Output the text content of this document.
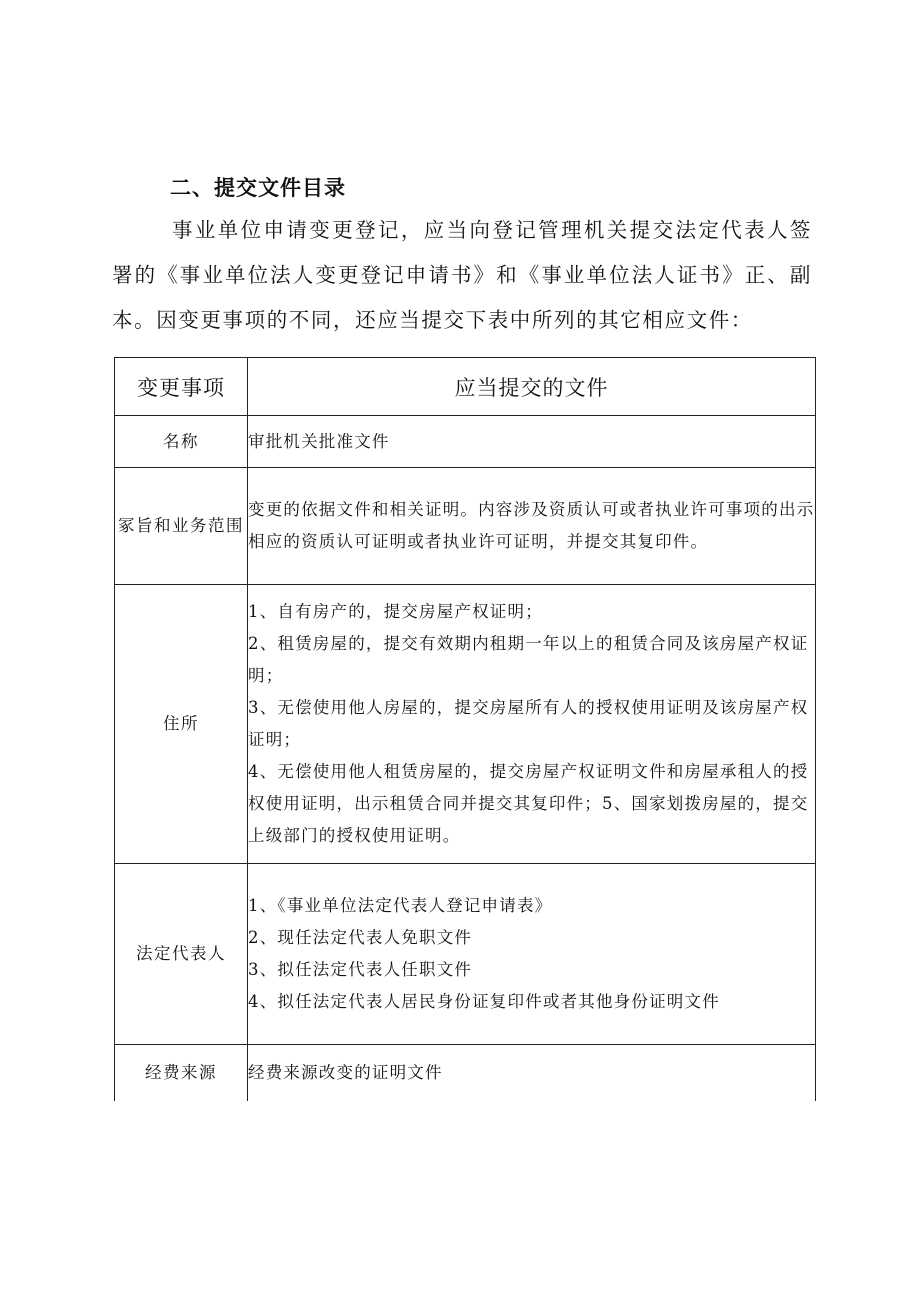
二、提交文件目录
事业单位申请变更登记，应当向登记管理机关提交法定代表人签署的《事业单位法人变更登记申请书》和《事业单位法人证书》正、副本。因变更事项的不同，还应当提交下表中所列的其它相应文件：
变更事项	应当提交的文件
名称	审批机关批准文件

冢旨和业务范围	变更的依据文件和相关证明。内容涉及资质认可或者执业许可事项的出示相应的资质认可证明或者执业许可证明，并提交其复印件。

住所	1、自有房产的，提交房屋产权证明；
2、租赁房屋的，提交有效期内租期一年以上的租赁合同及该房屋产权证明；
3、无偿使用他人房屋的，提交房屋所有人的授权使用证明及该房屋产权证明；
4、无偿使用他人租赁房屋的，提交房屋产权证明文件和房屋承租人的授权使用证明，出示租赁合同并提交其复印件；5、国家划拨房屋的，提交上级部门的授权使用证明。

法定代表人	1、《事业单位法定代表人登记申请表》
2、现任法定代表人免职文件
3、拟任法定代表人任职文件
4、拟任法定代表人居民身份证复印件或者其他身份证明文件

经费来源	经费来源改变的证明文件
